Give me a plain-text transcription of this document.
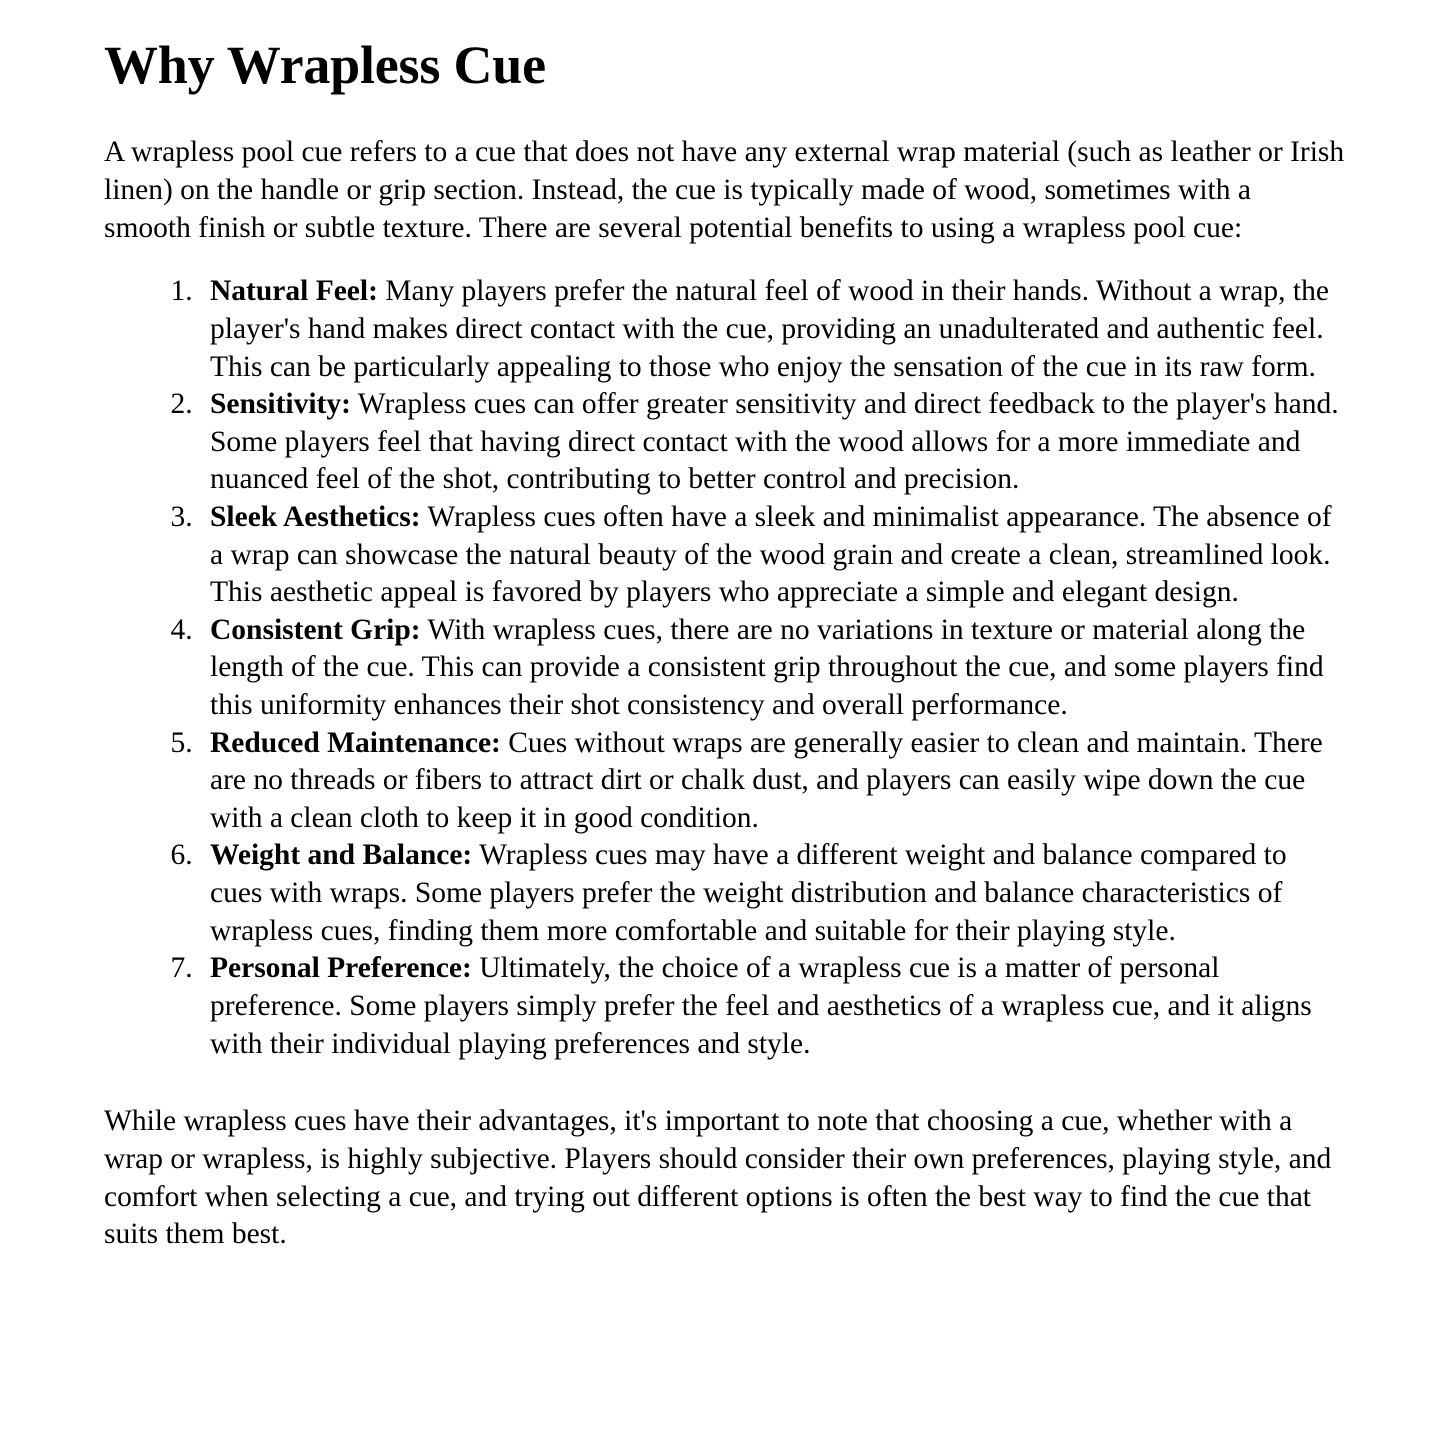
Why Wrapless Cue

A wrapless pool cue refers to a cue that does not have any external wrap material (such as leather or Irish linen) on the handle or grip section. Instead, the cue is typically made of wood, sometimes with a smooth finish or subtle texture. There are several potential benefits to using a wrapless pool cue:

1. Natural Feel: Many players prefer the natural feel of wood in their hands. Without a wrap, the player's hand makes direct contact with the cue, providing an unadulterated and authentic feel. This can be particularly appealing to those who enjoy the sensation of the cue in its raw form.
2. Sensitivity: Wrapless cues can offer greater sensitivity and direct feedback to the player's hand. Some players feel that having direct contact with the wood allows for a more immediate and nuanced feel of the shot, contributing to better control and precision.
3. Sleek Aesthetics: Wrapless cues often have a sleek and minimalist appearance. The absence of a wrap can showcase the natural beauty of the wood grain and create a clean, streamlined look. This aesthetic appeal is favored by players who appreciate a simple and elegant design.
4. Consistent Grip: With wrapless cues, there are no variations in texture or material along the length of the cue. This can provide a consistent grip throughout the cue, and some players find this uniformity enhances their shot consistency and overall performance.
5. Reduced Maintenance: Cues without wraps are generally easier to clean and maintain. There are no threads or fibers to attract dirt or chalk dust, and players can easily wipe down the cue with a clean cloth to keep it in good condition.
6. Weight and Balance: Wrapless cues may have a different weight and balance compared to cues with wraps. Some players prefer the weight distribution and balance characteristics of wrapless cues, finding them more comfortable and suitable for their playing style.
7. Personal Preference: Ultimately, the choice of a wrapless cue is a matter of personal preference. Some players simply prefer the feel and aesthetics of a wrapless cue, and it aligns with their individual playing preferences and style.

While wrapless cues have their advantages, it's important to note that choosing a cue, whether with a wrap or wrapless, is highly subjective. Players should consider their own preferences, playing style, and comfort when selecting a cue, and trying out different options is often the best way to find the cue that suits them best.
